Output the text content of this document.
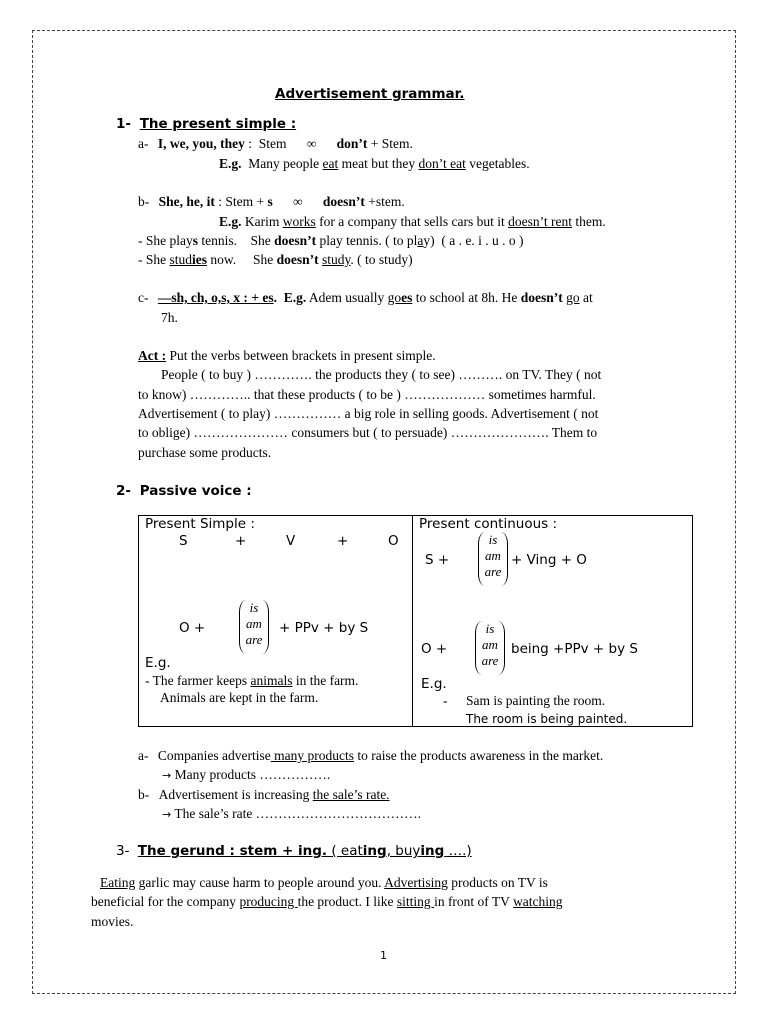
Advertisement grammar.
1- The present simple :
a- I, we, you, they :  Stem      ∞      don’t + Stem.
E.g.  Many people eat meat but they don’t eat vegetables.
b- She, he, it : Stem + s      ∞      doesn’t +stem.
E.g. Karim works for a company that sells cars but it doesn’t rent them.
- She plays tennis.    She doesn’t play tennis. ( to play)  ( a . e. i . u . o )
- She studies now.     She doesn’t study. ( to study)
c- —sh, ch, o,s, x : + es.  E.g. Adem usually goes to school at 8h. He doesn’t go at
7h.
Act : Put the verbs between brackets in present simple.
People ( to buy ) …………. the products they ( to see) ………. on TV. They ( not
to know) ………….. that these products ( to be ) ……………… sometimes harmful.
Advertisement ( to play) …………… a big role in selling goods. Advertisement ( not
to oblige) ………………… consumers but ( to persuade) …………………. Them to
purchase some products.
2- Passive voice :
Present Simple :
S	+	V	+	O
O +
is
am
are
+ PPv + by S
E.g.
- The farmer keeps animals in the farm.
Animals are kept in the farm.

Present continuous :
S +
is
am
are
+ Ving + O
O +
is
am
are
being +PPv + by S
E.g.
- Sam is painting the room.
The room is being painted.
a- Companies advertise many products to raise the products awareness in the market.
→ Many products …………….
b- Advertisement is increasing the sale’s rate.
→ The sale’s rate ……………………………….
3- The gerund : stem + ing. ( eating, buying ….)
Eating garlic may cause harm to people around you. Advertising products on TV is
beneficial for the company producing the product. I like sitting in front of TV watching
movies.
1
